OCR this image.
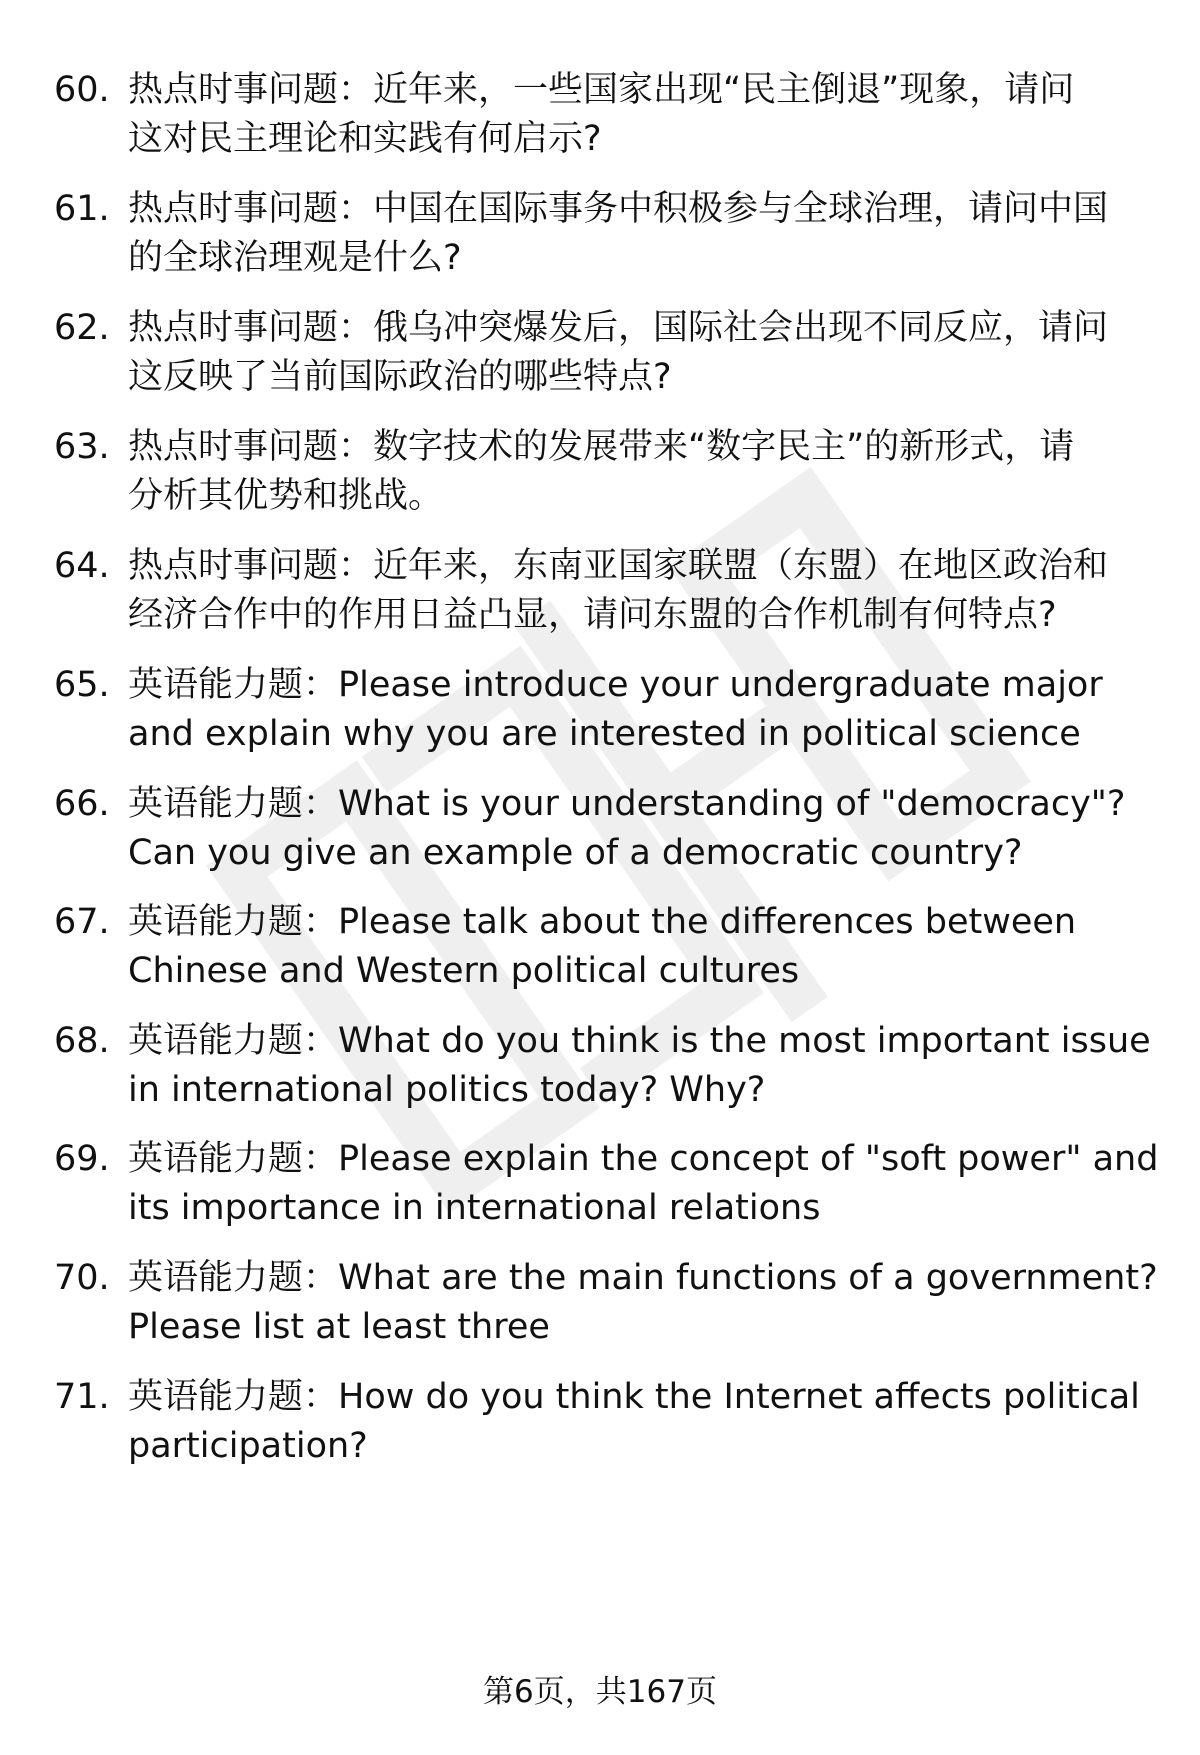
60. 热点时事问题：近年来，一些国家出现“民主倒退”现象，请问
这对民主理论和实践有何启示?
61. 热点时事问题：中国在国际事务中积极参与全球治理，请问中国
的全球治理观是什么?
62. 热点时事问题：俄乌冲突爆发后，国际社会出现不同反应，请问
这反映了当前国际政治的哪些特点?
63. 热点时事问题：数字技术的发展带来“数字民主”的新形式，请
分析其优势和挑战。
64. 热点时事问题：近年来，东南亚国家联盟（东盟）在地区政治和
经济合作中的作用日益凸显，请问东盟的合作机制有何特点?
65. 英语能力题：Please introduce your undergraduate major
and explain why you are interested in political science
66. 英语能力题：What is your understanding of "democracy"?
Can you give an example of a democratic country?
67. 英语能力题：Please talk about the differences between
Chinese and Western political cultures
68. 英语能力题：What do you think is the most important issue
in international politics today? Why?
69. 英语能力题：Please explain the concept of "soft power" and
its importance in international relations
70. 英语能力题：What are the main functions of a government?
Please list at least three
71. 英语能力题：How do you think the Internet affects political
participation?
第6页，共167页
